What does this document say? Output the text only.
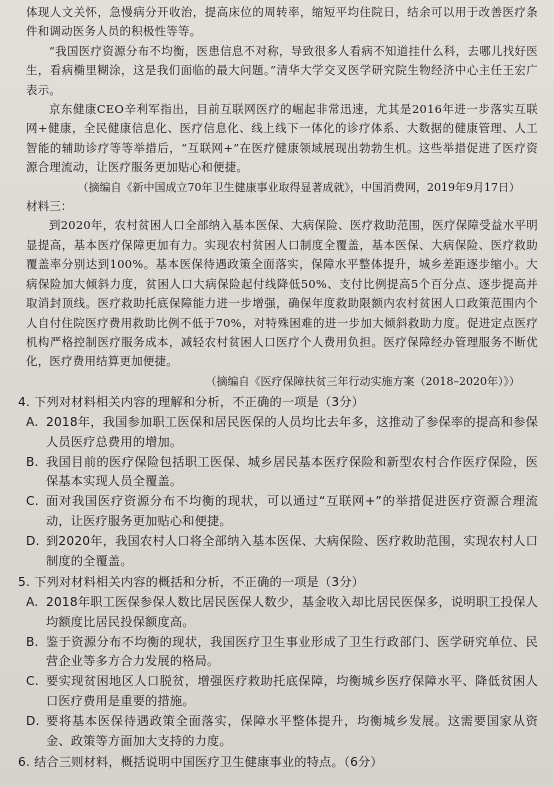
体现人文关怀，急慢病分开收治，提高床位的周转率，缩短平均住院日，结余可以用于改善医疗条件和调动医务人员的积极性等等。

“我国医疗资源分布不均衡，医患信息不对称，导致很多人看病不知道挂什么科，去哪儿找好医生，看病椭里糊涂，这是我们面临的最大问题。”清华大学交叉医学研究院生物经济中心主任王宏广表示。

京东健康CEO辛利军指出，目前互联网医疗的崛起非常迅速，尤其是2016年进一步落实互联网+健康，全民健康信息化、医疗信息化、线上线下一体化的诊疗体系、大数据的健康管理、人工智能的辅助诊疗等等举措后，“互联网+”在医疗健康领域展现出勃勃生机。这些举措促进了医疗资源合理流动，让医疗服务更加贴心和便捷。

（摘编自《新中国成立70年卫生健康事业取得显著成就》，中国消费网，2019年9月17日）

材料三：

到2020年，农村贫困人口全部纳入基本医保、大病保险、医疗救助范围，医疗保障受益水平明显提高，基本医疗保障更加有力。实现农村贫困人口制度全覆盖，基本医保、大病保险、医疗救助覆盖率分别达到100%。基本医保待遇政策全面落实，保障水平整体提升，城乡差距逐步缩小。大病保险加大倾斜力度，贫困人口大病保险起付线降低50%、支付比例提高5个百分点、逐步提高并取消封顶线。医疗救助托底保障能力进一步增强，确保年度救助限额内农村贫困人口政策范围内个人自付住院医疗费用救助比例不低于70%，对特殊困难的进一步加大倾斜救助力度。促进定点医疗机构严格控制医疗服务成本，减轻农村贫困人口医疗个人费用负担。医疗保障经办管理服务不断优化，医疗费用结算更加便捷。

（摘编自《医疗保障扶贫三年行动实施方案（2018–2020年）》）

4. 下列对材料相关内容的理解和分析，不正确的一项是（3分）

A. 2018年，我国参加职工医保和居民医保的人员均比去年多，这推动了参保率的提高和参保人员医疗总费用的增加。
B. 我国目前的医疗保险包括职工医保、城乡居民基本医疗保险和新型农村合作医疗保险，医保基本实现人员全覆盖。
C. 面对我国医疗资源分布不均衡的现状，可以通过“互联网+”的举措促进医疗资源合理流动，让医疗服务更加贴心和便捷。
D. 到2020年，我国农村人口将全部纳入基本医保、大病保险、医疗救助范围，实现农村人口制度的全覆盖。

5. 下列对材料相关内容的概括和分析，不正确的一项是（3分）

A. 2018年职工医保参保人数比居民医保人数少，基金收入却比居民医保多，说明职工投保人均额度比居民投保额度高。
B. 鉴于资源分布不均衡的现状，我国医疗卫生事业形成了卫生行政部门、医学研究单位、民营企业等多方合力发展的格局。
C. 要实现贫困地区人口脱贫，增强医疗救助托底保障，均衡城乡医疗保障水平、降低贫困人口医疗费用是重要的措施。
D. 要将基本医保待遇政策全面落实，保障水平整体提升，均衡城乡发展。这需要国家从资金、政策等方面加大支持的力度。

6. 结合三则材料，概括说明中国医疗卫生健康事业的特点。（6分）
